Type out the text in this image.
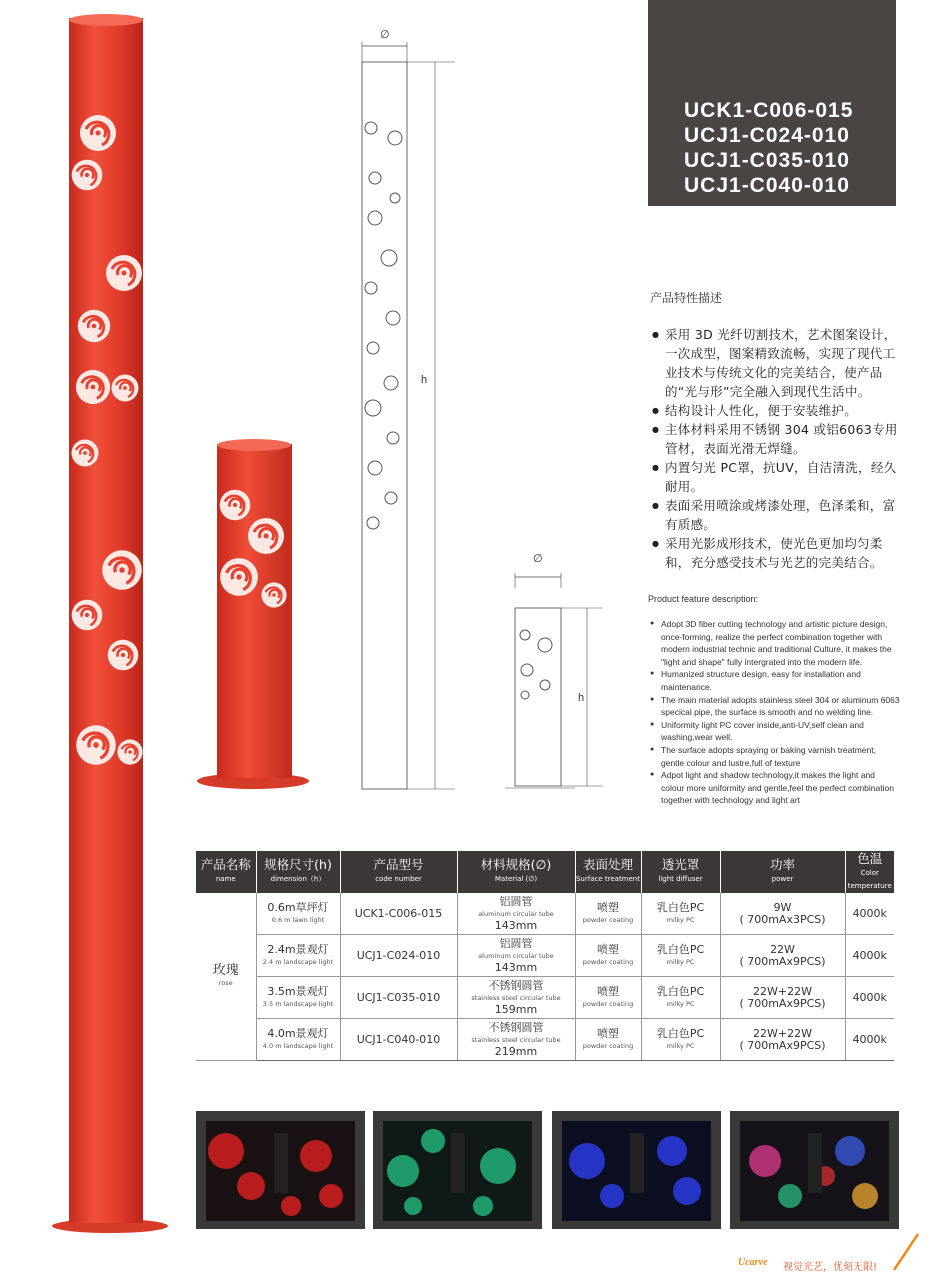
∅
h
∅
h
UCK1-C006-015
UCJ1-C024-010
UCJ1-C035-010
UCJ1-C040-010
产品特性描述
● 采用 3D 光纤切割技术，艺术图案设计，一次成型，图案精致流畅，实现了现代工业技术与传统文化的完美结合，使产品的“光与形”完全融入到现代生活中。
● 结构设计人性化，便于安装维护。
● 主体材料采用不锈钢 304 或铝6063专用管材，表面光滑无焊缝。
● 内置匀光 PC罩，抗UV，自洁清洗，经久耐用。
● 表面采用喷涂或烤漆处理，色泽柔和，富有质感。
● 采用光影成形技术，使光色更加均匀柔和，充分感受技术与光艺的完美结合。
Product feature description:
● Adopt 3D fiber cutting technology and artistic picture design, once-forming, realize the perfect combination together with modern industrial technic and traditional Culture, it makes the "light and shape" fully intergrated into the modern life.
● Humanized structure design, easy for installation and maintenance.
● The main material adopts stainless steel 304 or aluminum 6063 specical pipe, the surface is smooth and no welding line.
● Uniformity light PC cover inside,anti-UV,self clean and washing,wear well.
● The surface adopts spraying or baking varnish treatment, gentle colour and lustre,full of texture
● Adpot light and shadow technology,it makes the light and colour more uniformity and gentle,feel the perfect combination together with technology and light art
产品名称
name	规格尺寸(h)
dimension（h）	产品型号
code number	材料规格(∅)
Material (∅)	表面处理
Surface treatment	透光罩
light diffuser	功率
power	色温
Color temperature

玫瑰
rose	0.6m草坪灯
0.6 m lawn light	UCK1-C006-015	铝圆管
aluminum circular tube
143mm	喷塑
powder coating	乳白色PC
milky PC	9W
( 700mAx3PCS)	4000k

	2.4m景观灯
2.4 m landscape light	UCJ1-C024-010	铝圆管
aluminum circular tube
143mm	喷塑
powder coating	乳白色PC
milky PC	22W
( 700mAx9PCS)	4000k

	3.5m景观灯
3.5 m landscape light	UCJ1-C035-010	不锈钢圆管
stainless steel circular tube
159mm	喷塑
powder coating	乳白色PC
milky PC	22W+22W
( 700mAx9PCS)	4000k

	4.0m景观灯
4.0 m landscape light	UCJ1-C040-010	不锈钢圆管
stainless steel circular tube
219mm	喷塑
powder coating	乳白色PC
milky PC	22W+22W
( 700mAx9PCS)	4000k
Ucarve 视觉光艺，优刻无限!
